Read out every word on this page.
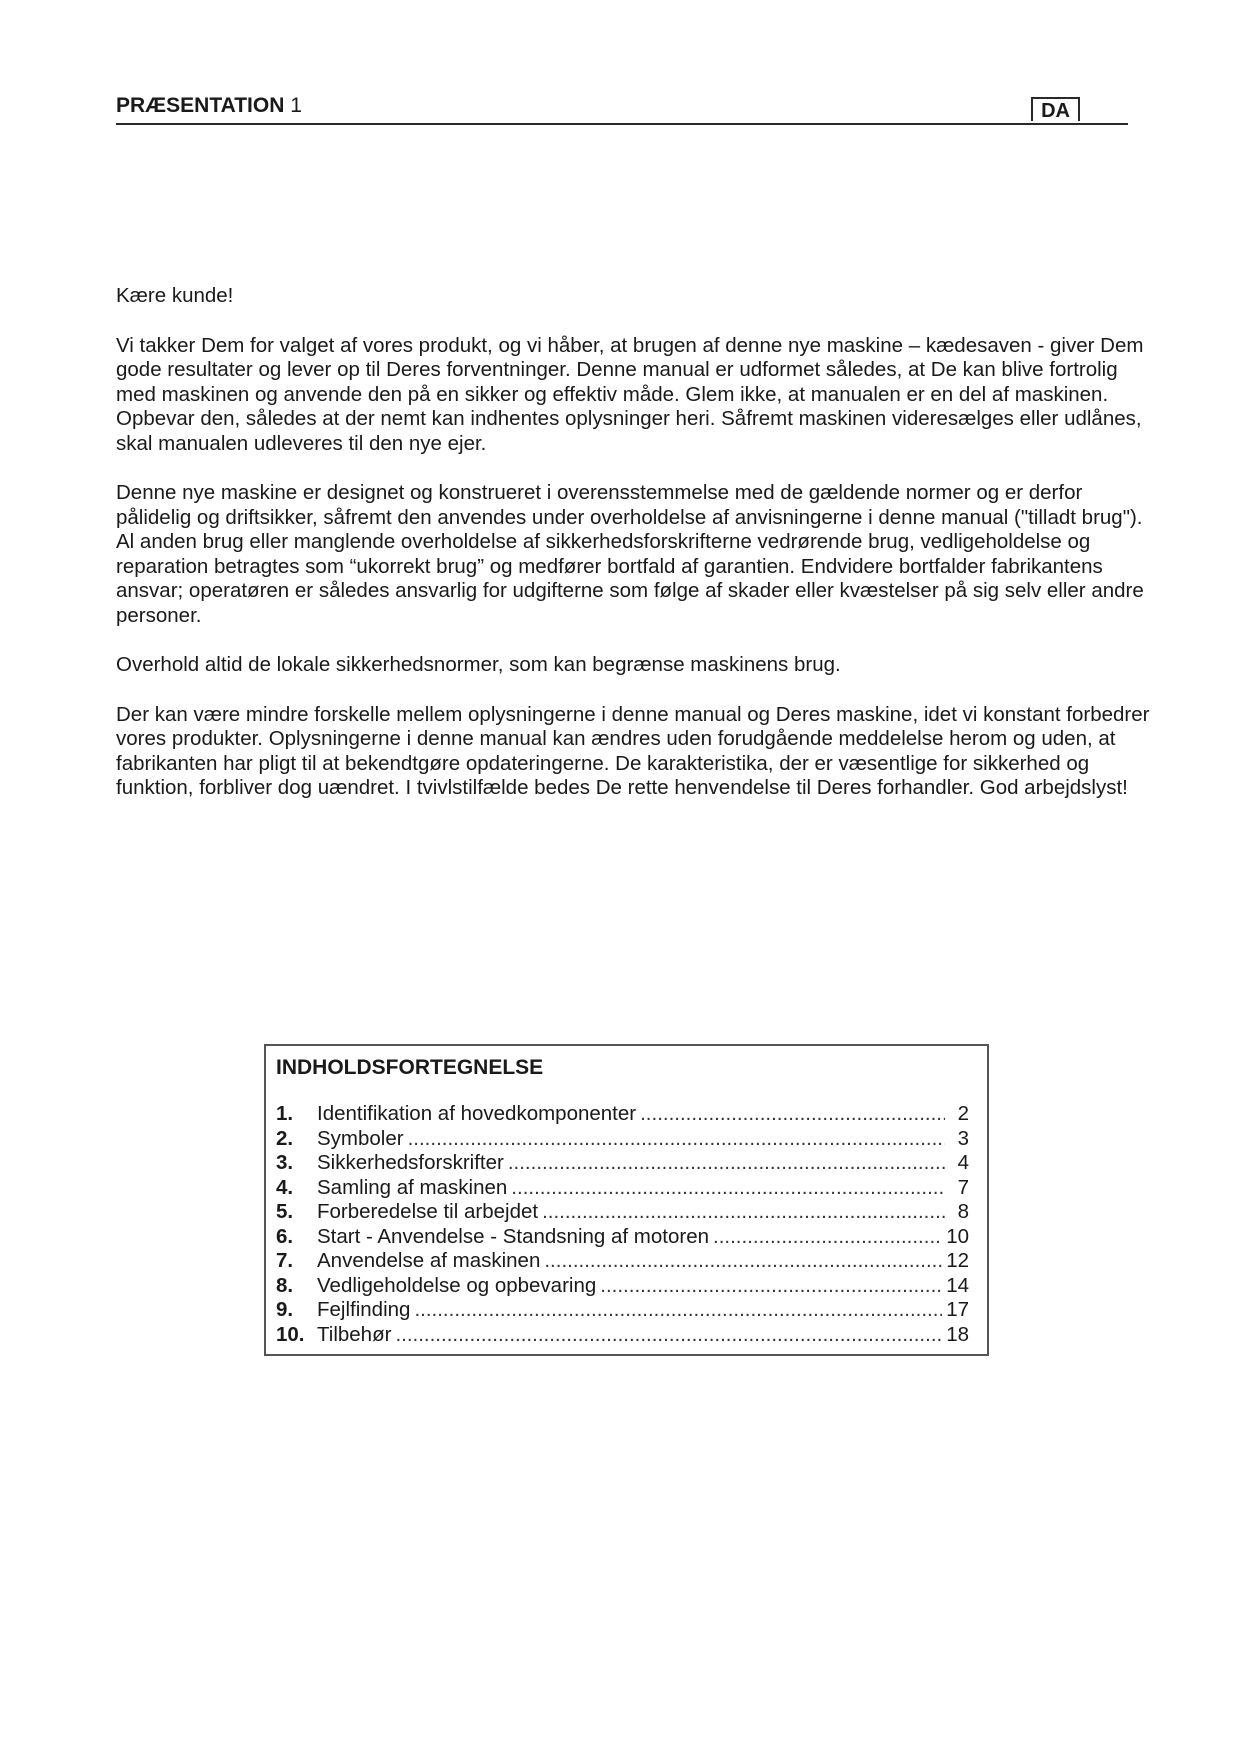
PRÆSENTATION 1	DA

Kære kunde!

Vi takker Dem for valget af vores produkt, og vi håber, at brugen af denne nye maskine – kædesaven - giver Dem gode resultater og lever op til Deres forventninger. Denne manual er udformet således, at De kan blive fortrolig med maskinen og anvende den på en sikker og effektiv måde. Glem ikke, at manualen er en del af maskinen. Opbevar den, således at der nemt kan indhentes oplysninger heri. Såfremt maskinen videresælges eller udlånes, skal manualen udleveres til den nye ejer.

Denne nye maskine er designet og konstrueret i overensstemmelse med de gældende normer og er derfor pålidelig og driftsikker, såfremt den anvendes under overholdelse af anvisningerne i denne manual ("tilladt brug"). Al anden brug eller manglende overholdelse af sikkerhedsforskrifterne vedrørende brug, vedligeholdelse og reparation betragtes som “ukorrekt brug” og medfører bortfald af garantien. Endvidere bortfalder fabrikantens ansvar; operatøren er således ansvarlig for udgifterne som følge af skader eller kvæstelser på sig selv eller andre personer.

Overhold altid de lokale sikkerhedsnormer, som kan begrænse maskinens brug.

Der kan være mindre forskelle mellem oplysningerne i denne manual og Deres maskine, idet vi konstant forbedrer vores produkter. Oplysningerne i denne manual kan ændres uden forudgående meddelelse herom og uden, at fabrikanten har pligt til at bekendtgøre opdateringerne. De karakteristika, der er væsentlige for sikkerhed og funktion, forbliver dog uændret. I tvivlstilfælde bedes De rette henvendelse til Deres forhandler. God arbejdslyst!

INDHOLDSFORTEGNELSE
1.	Identifikation af hovedkomponenter .....	2
2.	Symboler .....	3
3.	Sikkerhedsforskrifter .....	4
4.	Samling af maskinen .....	7
5.	Forberedelse til arbejdet .....	8
6.	Start - Anvendelse - Standsning af motoren .....	10
7.	Anvendelse af maskinen .....	12
8.	Vedligeholdelse og opbevaring .....	14
9.	Fejlfinding .....	17
10. Tilbehør .....	18
